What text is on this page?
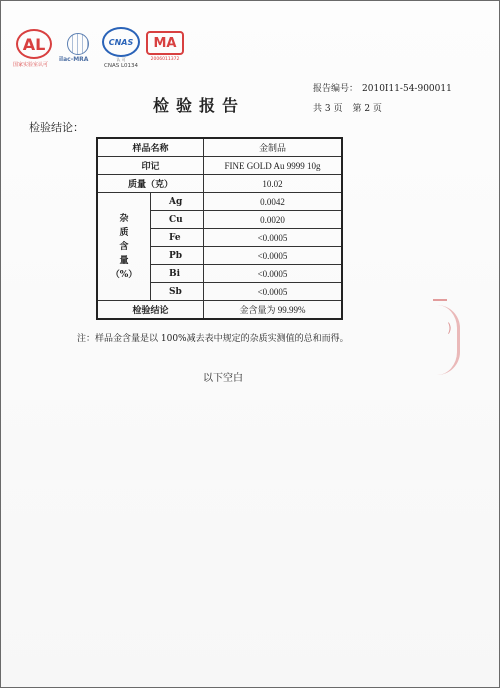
AL
国家实验室认可
ilac-MRA
CNAS
认 可
CNAS L0134
MA
2006011372
报告编号： 2010I11-54-900011
检验报告	共 3 页 第 2 页
检验结论：
样品名称		金制品
印记		FINE GOLD Au 9999 10g
质量（克）		10.02

杂
质
含
量
（%）	Ag	0.0042
	Cu	0.0020
	Fe	<0.0005
	Pb	<0.0005
	Bi	<0.0005
	Sb	<0.0005
检验结论		金含量为 99.99%
注：样品金含量是以 100%减去表中规定的杂质实测值的总和而得。
以下空白
)
